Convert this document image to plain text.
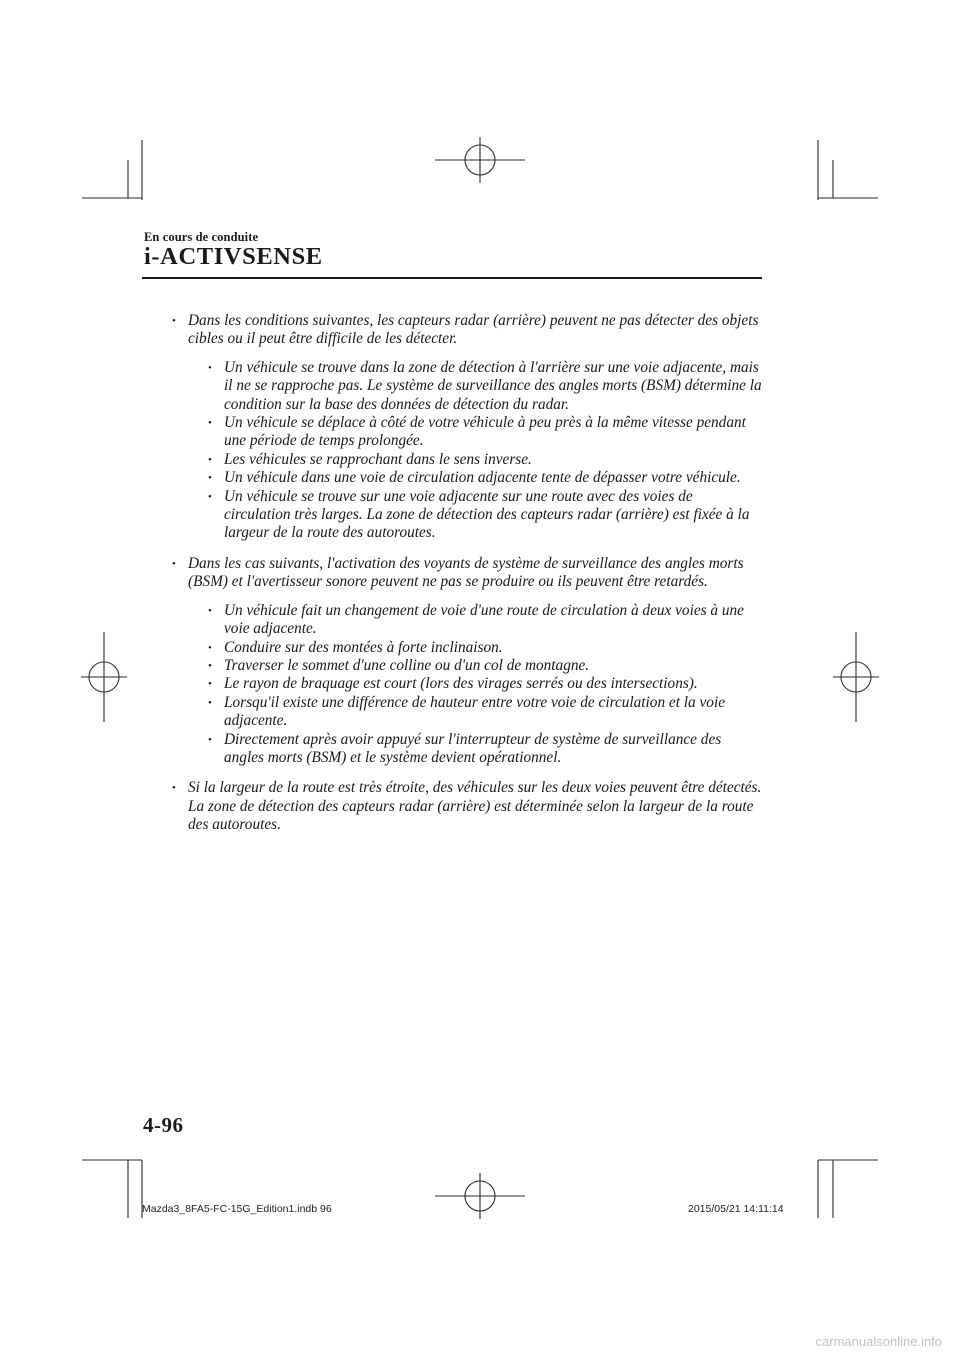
En cours de conduite
i-ACTIVSENSE
• Dans les conditions suivantes, les capteurs radar (arrière) peuvent ne pas détecter des objets cibles ou il peut être difficile de les détecter.
• Un véhicule se trouve dans la zone de détection à l'arrière sur une voie adjacente, mais il ne se rapproche pas. Le système de surveillance des angles morts (BSM) détermine la condition sur la base des données de détection du radar.
• Un véhicule se déplace à côté de votre véhicule à peu près à la même vitesse pendant une période de temps prolongée.
• Les véhicules se rapprochant dans le sens inverse.
• Un véhicule dans une voie de circulation adjacente tente de dépasser votre véhicule.
• Un véhicule se trouve sur une voie adjacente sur une route avec des voies de circulation très larges. La zone de détection des capteurs radar (arrière) est fixée à la largeur de la route des autoroutes.
• Dans les cas suivants, l'activation des voyants de système de surveillance des angles morts (BSM) et l'avertisseur sonore peuvent ne pas se produire ou ils peuvent être retardés.
• Un véhicule fait un changement de voie d'une route de circulation à deux voies à une voie adjacente.
• Conduire sur des montées à forte inclinaison.
• Traverser le sommet d'une colline ou d'un col de montagne.
• Le rayon de braquage est court (lors des virages serrés ou des intersections).
• Lorsqu'il existe une différence de hauteur entre votre voie de circulation et la voie adjacente.
• Directement après avoir appuyé sur l'interrupteur de système de surveillance des angles morts (BSM) et le système devient opérationnel.
• Si la largeur de la route est très étroite, des véhicules sur les deux voies peuvent être détectés. La zone de détection des capteurs radar (arrière) est déterminée selon la largeur de la route des autoroutes.
4-96
Mazda3_8FA5-FC-15G_Edition1.indb 96	2015/05/21 14:11:14
carmanualsonline.info
